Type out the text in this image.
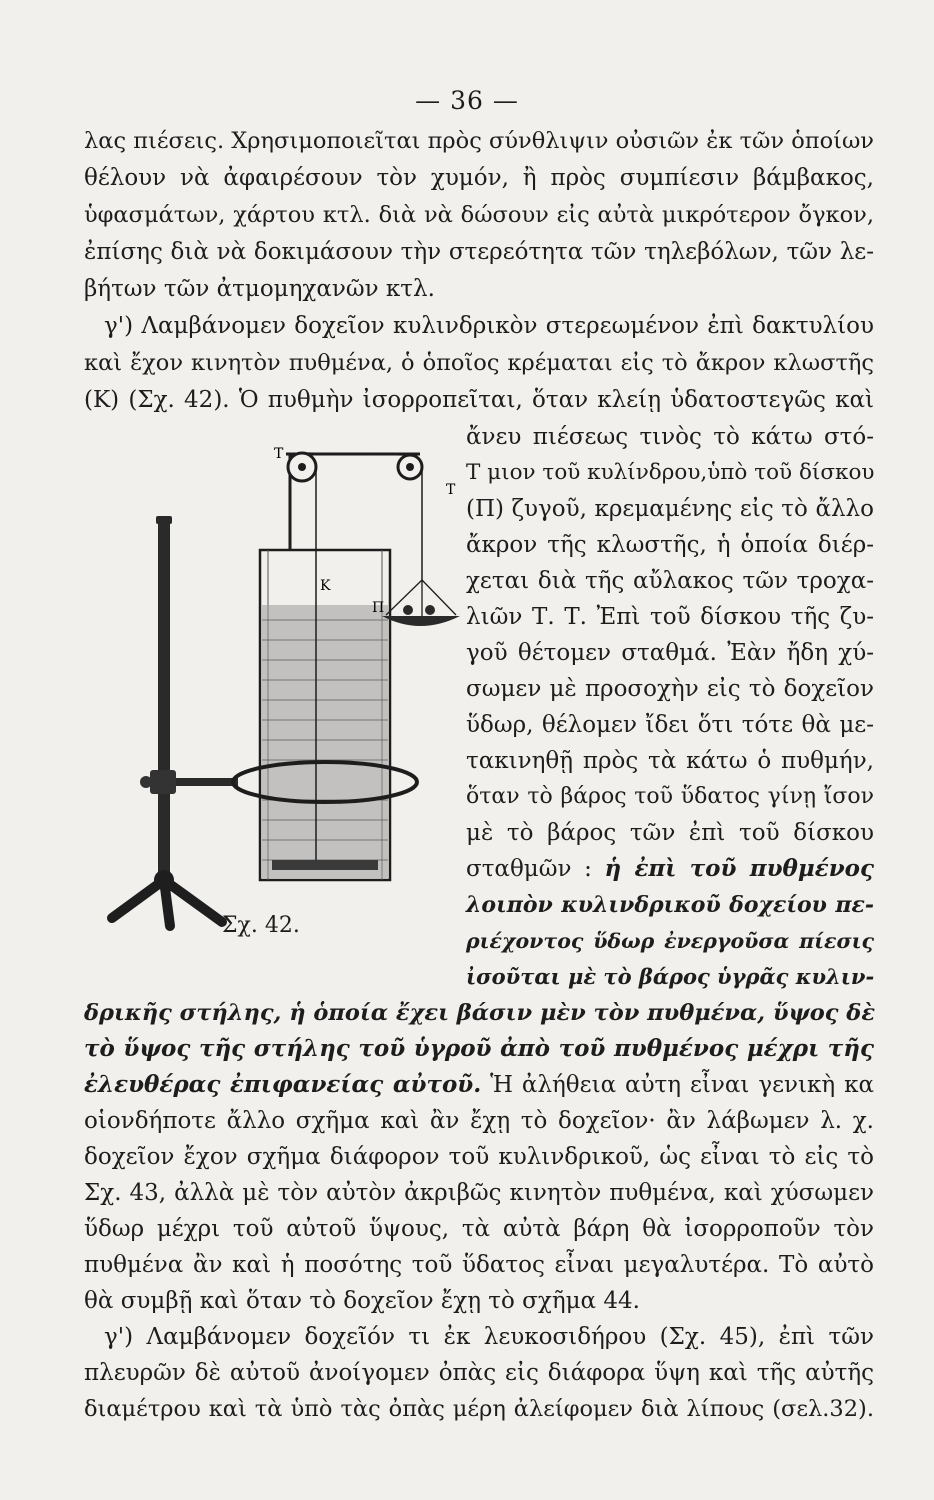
— 36 —
λας πιέσεις. Χρησιμοποιεῖται πρὸς σύνθλιψιν οὐσιῶν ἐκ τῶν ὁποίων
θέλουν νὰ ἀφαιρέσουν τὸν χυμόν, ἢ πρὸς συμπίεσιν βάμβακος,
ὑφασμάτων, χάρτου κτλ. διὰ νὰ δώσουν εἰς αὐτὰ μικρότερον ὄγκον,
ἐπίσης διὰ νὰ δοκιμάσουν τὴν στερεότητα τῶν τηλεβόλων, τῶν λε-
βήτων τῶν ἀτμομηχανῶν κτλ.
γ') Λαμβάνομεν δοχεῖον κυλινδρικὸν στερεωμένον ἐπὶ δακτυλίου
καὶ ἔχον κινητὸν πυθμένα, ὁ ὁποῖος κρέμαται εἰς τὸ ἄκρον κλωστῆς
(Κ) (Σχ. 42). Ὁ πυθμὴν ἰσορροπεῖται, ὅταν κλείῃ ὑδατοστεγῶς καὶ
Τ
Τ
Κ
Π
Σχ. 42.
ἄνευ πιέσεως τινὸς τὸ κάτω στό-
Τ μιον τοῦ κυλίνδρου,ὑπὸ τοῦ δίσκου
(Π) ζυγοῦ, κρεμαμένης εἰς τὸ ἄλλο
ἄκρον τῆς κλωστῆς, ἡ ὁποία διέρ-
χεται διὰ τῆς αὔλακος τῶν τροχα-
λιῶν Τ. Τ. Ἐπὶ τοῦ δίσκου τῆς ζυ-
γοῦ θέτομεν σταθμά. Ἐὰν ἤδη χύ-
σωμεν μὲ προσοχὴν εἰς τὸ δοχεῖον
ὕδωρ, θέλομεν ἴδει ὅτι τότε θὰ με-
τακινηθῇ πρὸς τὰ κάτω ὁ πυθμήν,
ὅταν τὸ βάρος τοῦ ὕδατος γίνῃ ἴσον
μὲ τὸ βάρος τῶν ἐπὶ τοῦ δίσκου
σταθμῶν : ἡ ἐπὶ τοῦ πυθμένος
λοιπὸν κυλινδρικοῦ δοχείου πε-
ριέχοντος ὕδωρ ἐνεργοῦσα πίεσις
ἰσοῦται μὲ τὸ βάρος ὑγρᾶς κυλιν-
δρικῆς στήλης, ἡ ὁποία ἔχει βάσιν μὲν τὸν πυθμένα, ὕψος δὲ
τὸ ὕψος τῆς στήλης τοῦ ὑγροῦ ἀπὸ τοῦ πυθμένος μέχρι τῆς
ἐλευθέρας ἐπιφανείας αὐτοῦ. Ἡ ἀλήθεια αὐτη εἶναι γενικὴ κα
οἱονδήποτε ἄλλο σχῆμα καὶ ἂν ἔχῃ τὸ δοχεῖον· ἂν λάβωμεν λ. χ.
δοχεῖον ἔχον σχῆμα διάφορον τοῦ κυλινδρικοῦ, ὡς εἶναι τὸ εἰς τὸ
Σχ. 43, ἀλλὰ μὲ τὸν αὐτὸν ἀκριβῶς κινητὸν πυθμένα, καὶ χύσωμεν
ὕδωρ μέχρι τοῦ αὐτοῦ ὕψους, τὰ αὐτὰ βάρη θὰ ἰσορροποῦν τὸν
πυθμένα ἂν καὶ ἡ ποσότης τοῦ ὕδατος εἶναι μεγαλυτέρα. Τὸ αὐτὸ
θὰ συμβῇ καὶ ὅταν τὸ δοχεῖον ἔχῃ τὸ σχῆμα 44.
γ') Λαμβάνομεν δοχεῖόν τι ἐκ λευκοσιδήρου (Σχ. 45), ἐπὶ τῶν
πλευρῶν δὲ αὐτοῦ ἀνοίγομεν ὀπὰς εἰς διάφορα ὕψη καὶ τῆς αὐτῆς
διαμέτρου καὶ τὰ ὑπὸ τὰς ὀπὰς μέρη ἀλείφομεν διὰ λίπους (σελ.32).
